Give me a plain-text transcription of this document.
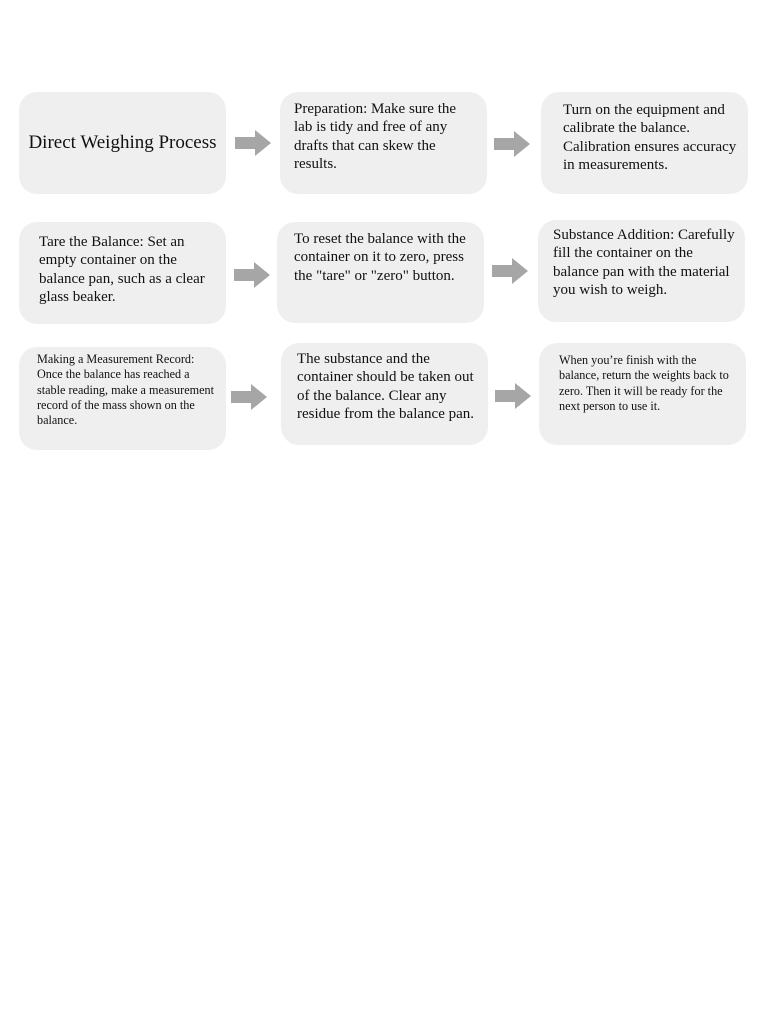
Direct Weighing Process
Preparation: Make sure the lab is tidy and free of any drafts that can skew the results.
Turn on the equipment and calibrate the balance. Calibration ensures accuracy in measurements.
Tare the Balance: Set an empty container on the balance pan, such as a clear glass beaker.
To reset the balance with the container on it to zero, press the "tare" or "zero" button.
Substance Addition: Carefully fill the container on the balance pan with the material you wish to weigh.
Making a Measurement Record: Once the balance has reached a stable reading, make a measurement record of the mass shown on the balance.
The substance and the container should be taken out of the balance. Clear any residue from the balance pan.
When you’re finish with the balance, return the weights back to zero. Then it will be ready for the next person to use it.
